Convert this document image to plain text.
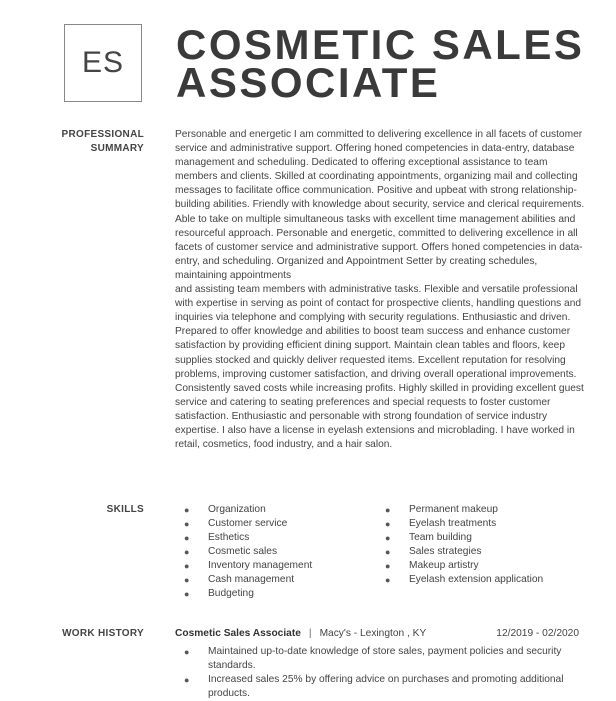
ES	COSMETIC SALES
ASSOCIATE
PROFESSIONAL
SUMMARY

Personable and energetic I am committed to delivering excellence in all facets of customer service and administrative support. Offering honed competencies in data-entry, database management and scheduling. Dedicated to offering exceptional assistance to team members and clients. Skilled at coordinating appointments, organizing mail and collecting messages to facilitate office communication. Positive and upbeat with strong relationship-building abilities. Friendly with knowledge about security, service and clerical requirements. Able to take on multiple simultaneous tasks with excellent time management abilities and resourceful approach. Personable and energetic, committed to delivering excellence in all facets of customer service and administrative support. Offers honed competencies in data-entry, and scheduling. Organized and Appointment Setter by creating schedules, maintaining appointments

and assisting team members with administrative tasks. Flexible and versatile professional with expertise in serving as point of contact for prospective clients, handling questions and inquiries via telephone and complying with security regulations. Enthusiastic and driven. Prepared to offer knowledge and abilities to boost team success and enhance customer satisfaction by providing efficient dining support. Maintain clean tables and floors, keep supplies stocked and quickly deliver requested items. Excellent reputation for resolving problems, improving customer satisfaction, and driving overall operational improvements. Consistently saved costs while increasing profits. Highly skilled in providing excellent guest service and catering to seating preferences and special requests to foster customer satisfaction. Enthusiastic and personable with strong foundation of service industry expertise. I also have a license in eyelash extensions and microblading. I have worked in retail, cosmetics, food industry, and a hair salon.

SKILLS	● Organization
● Customer service
● Esthetics
● Cosmetic sales
● Inventory management
● Cash management
● Budgeting
● Permanent makeup
● Eyelash treatments
● Team building
● Sales strategies
● Makeup artistry
● Eyelash extension application
WORK HISTORY	Cosmetic Sales Associate | Macy's - Lexington , KY	12/2019 - 02/2020
● Maintained up-to-date knowledge of store sales, payment policies and security standards.
● Increased sales 25% by offering advice on purchases and promoting additional products.
